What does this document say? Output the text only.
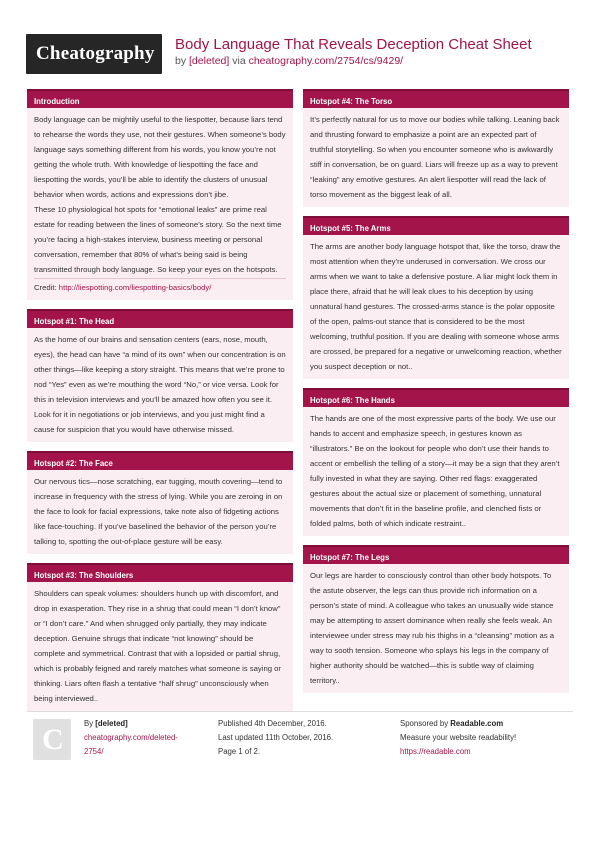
Cheatography Body Language That Reveals Deception Cheat Sheet
by [deleted] via cheatography.com/2754/cs/9429/
Introduction

Body language can be mightily useful to the liespotter, because liars tend to rehearse the words they use, not their gestures. When someone’s body language says something different from his words, you know you’re not getting the whole truth. With knowledge of liespotting the face and liespotting the words, you’ll be able to identify the clusters of unusual behavior when words, actions and expressions don’t jibe.

These 10 physiological hot spots for “emotional leaks” are prime real estate for reading between the lines of someone’s story. So the next time you’re facing a high-stakes interview, business meeting or personal conversation, remember that 80% of what’s being said is being transmitted through body language. So keep your eyes on the hotspots.

Credit: http://liespotting.com/liespotting-basics/body/

Hotspot #1: The Head
As the home of our brains and sensation centers (ears, nose, mouth, eyes), the head can have “a mind of its own” when our concentration is on other things—like keeping a story straight. This means that we’re prone to nod “Yes” even as we’re mouthing the word “No,” or vice versa. Look for this in television interviews and you’ll be amazed how often you see it. Look for it in negotiations or job interviews, and you just might find a cause for suspicion that you would have otherwise missed.
Hotspot #2: The Face
Our nervous tics—nose scratching, ear tugging, mouth covering—tend to increase in frequency with the stress of lying. While you are zeroing in on the face to look for facial expressions, take note also of fidgeting actions like face-touching. If you’ve baselined the behavior of the person you’re talking to, spotting the out-of-place gesture will be easy.
Hotspot #3: The Shoulders
Shoulders can speak volumes: shoulders hunch up with discomfort, and drop in exasperation. They rise in a shrug that could mean “I don’t know” or “I don’t care.” And when shrugged only partially, they may indicate deception. Genuine shrugs that indicate “not knowing” should be complete and symmetrical. Contrast that with a lopsided or partial shrug, which is probably feigned and rarely matches what someone is saying or thinking. Liars often flash a tentative “half shrug” unconsciously when being interviewed..
Hotspot #4: The Torso
It’s perfectly natural for us to move our bodies while talking. Leaning back and thrusting forward to emphasize a point are an expected part of truthful storytelling. So when you encounter someone who is awkwardly stiff in conversation, be on guard. Liars will freeze up as a way to prevent “leaking” any emotive gestures. An alert liespotter will read the lack of torso movement as the biggest leak of all.
Hotspot #5: The Arms
The arms are another body language hotspot that, like the torso, draw the most attention when they’re underused in conversation. We cross our arms when we want to take a defensive posture. A liar might lock them in place there, afraid that he will leak clues to his deception by using unnatural hand gestures. The crossed-arms stance is the polar opposite of the open, palms-out stance that is considered to be the most welcoming, truthful position. If you are dealing with someone whose arms are crossed, be prepared for a negative or unwelcoming reaction, whether you suspect deception or not..
Hotspot #6: The Hands
The hands are one of the most expressive parts of the body. We use our hands to accent and emphasize speech, in gestures known as “illustrators.” Be on the lookout for people who don’t use their hands to accent or embellish the telling of a story—it may be a sign that they aren’t fully invested in what they are saying. Other red flags: exaggerated gestures about the actual size or placement of something, unnatural movements that don’t fit in the baseline profile, and clenched fists or folded palms, both of which indicate restraint..
Hotspot #7: The Legs
Our legs are harder to consciously control than other body hotspots. To the astute observer, the legs can thus provide rich information on a person’s state of mind. A colleague who takes an unusually wide stance may be attempting to assert dominance when really she feels weak. An interviewee under stress may rub his thighs in a “cleansing” motion as a way to sooth tension. Someone who splays his legs in the company of higher authority should be watched—this is subtle way of claiming territory..
C	By [deleted]
cheatography.com/deleted-
2754/
Published 4th December, 2016.
Last updated 11th October, 2016.
Page 1 of 2.
Sponsored by Readable.com
Measure your website readability!
https://readable.com
